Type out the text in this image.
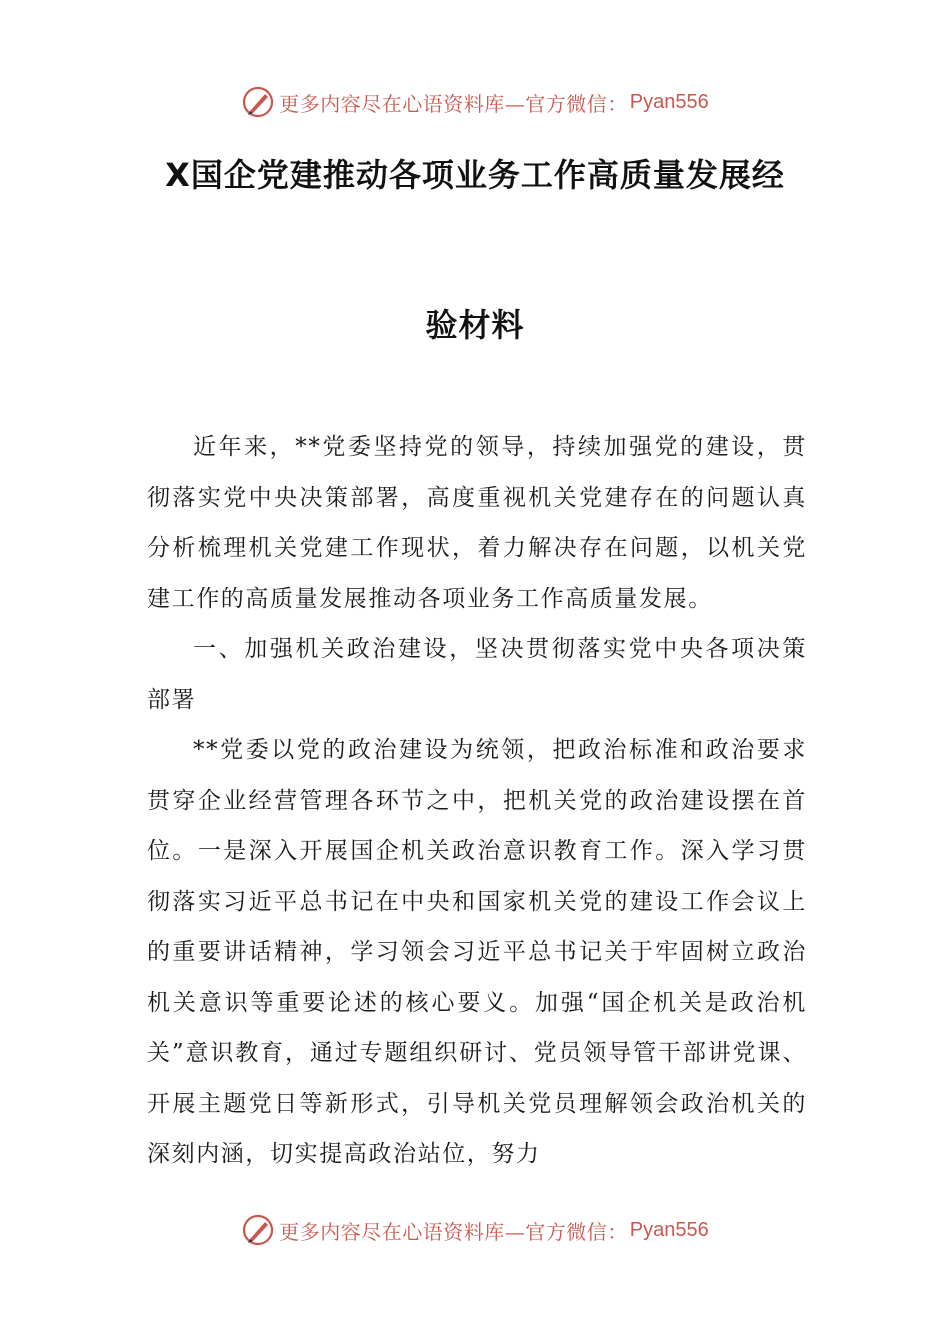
更多内容尽在心语资料库—官方微信： Pyan556
X国企党建推动各项业务工作高质量发展经
验材料

近年来，**党委坚持党的领导，持续加强党的建设，贯彻落实党中央决策部署，高度重视机关党建存在的问题认真分析梳理机关党建工作现状，着力解决存在问题，以机关党建工作的高质量发展推动各项业务工作高质量发展。

一、加强机关政治建设，坚决贯彻落实党中央各项决策部署

**党委以党的政治建设为统领，把政治标准和政治要求贯穿企业经营管理各环节之中，把机关党的政治建设摆在首位。一是深入开展国企机关政治意识教育工作。深入学习贯彻落实习近平总书记在中央和国家机关党的建设工作会议上的重要讲话精神，学习领会习近平总书记关于牢固树立政治机关意识等重要论述的核心要义。加强“国企机关是政治机关”意识教育，通过专题组织研讨、党员领导管干部讲党课、开展主题党日等新形式，引导机关党员理解领会政治机关的深刻内涵，切实提高政治站位，努力

更多内容尽在心语资料库—官方微信： Pyan556
